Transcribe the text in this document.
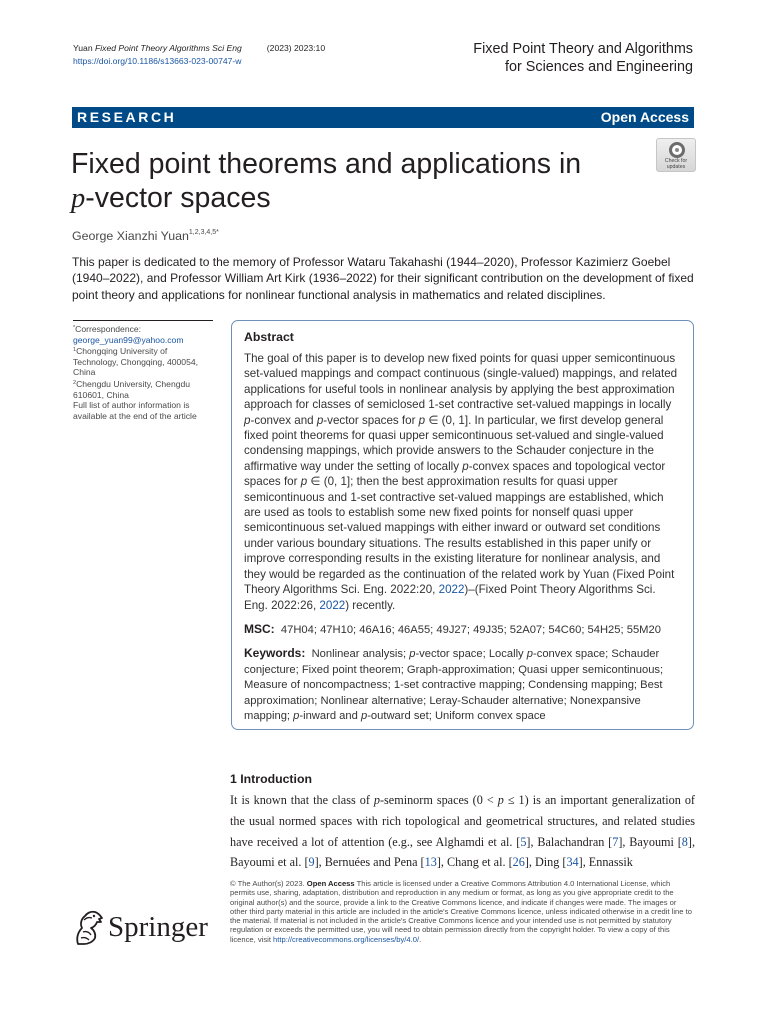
Yuan
Fixed Point Theory Algorithms Sci Eng	(2023)
2023:10
https://doi.org/10.1186/s13663-023-00747-w
Fixed Point Theory and Algorithms
for Sciences and Engineering
RESEARCH	Open Access
Fixed point theorems and applications in
p-vector spaces
Check for
updates
George Xianzhi Yuan$^{1,2,3,4,5*}$
This paper is dedicated to the memory of Professor Wataru Takahashi (1944–2020), Professor Kazimierz Goebel (1940–2022), and Professor William Art Kirk (1936–2022) for their significant contribution on the development of fixed point theory and applications for nonlinear functional analysis in mathematics and related disciplines.
*Correspondence:
george_yuan99@yahoo.com
$^1$Chongqing University of Technology, Chongqing, 400054, China
$^2$Chengdu University, Chengdu 610601, China
Full list of author information is available at the end of the article
Abstract
The goal of this paper is to develop new fixed points for quasi upper semicontinuous set-valued mappings and compact continuous (single-valued) mappings, and related applications for useful tools in nonlinear analysis by applying the best approximation approach for classes of semiclosed 1-set contractive set-valued mappings in locally p-convex and p-vector spaces for p ∈ (0, 1]. In particular, we first develop general fixed point theorems for quasi upper semicontinuous set-valued and single-valued condensing mappings, which provide answers to the Schauder conjecture in the affirmative way under the setting of locally p-convex spaces and topological vector spaces for p ∈ (0, 1]; then the best approximation results for quasi upper semicontinuous and 1-set contractive set-valued mappings are established, which are used as tools to establish some new fixed points for nonself quasi upper semicontinuous set-valued mappings with either inward or outward set conditions under various boundary situations. The results established in this paper unify or improve corresponding results in the existing literature for nonlinear analysis, and they would be regarded as the continuation of the related work by Yuan (Fixed Point Theory Algorithms Sci. Eng. 2022:20, 2022)–(Fixed Point Theory Algorithms Sci. Eng. 2022:26, 2022) recently.
MSC: 47H04; 47H10; 46A16; 46A55; 49J27; 49J35; 52A07; 54C60; 54H25; 55M20
Keywords: Nonlinear analysis; p-vector space; Locally p-convex space; Schauder conjecture; Fixed point theorem; Graph-approximation; Quasi upper semicontinuous; Measure of noncompactness; 1-set contractive mapping; Condensing mapping; Best approximation; Nonlinear alternative; Leray-Schauder alternative; Nonexpansive mapping; p-inward and p-outward set; Uniform convex space
1 Introduction
It is known that the class of p-seminorm spaces (0 < p ≤ 1) is an important generalization of the usual normed spaces with rich topological and geometrical structures, and related studies have received a lot of attention (e.g., see Alghamdi et al. [5], Balachandran [7], Bayoumi [8], Bayoumi et al. [9], Bernuées and Pena [13], Chang et al. [26], Ding [34], Ennassik
© The Author(s) 2023. Open Access This article is licensed under a Creative Commons Attribution 4.0 International License, which permits use, sharing, adaptation, distribution and reproduction in any medium or format, as long as you give appropriate credit to the original author(s) and the source, provide a link to the Creative Commons licence, and indicate if changes were made. The images or other third party material in this article are included in the article's Creative Commons licence, unless indicated otherwise in a credit line to the material. If material is not included in the article's Creative Commons licence and your intended use is not permitted by statutory regulation or exceeds the permitted use, you will need to obtain permission directly from the copyright holder. To view a copy of this licence, visit http://creativecommons.org/licenses/by/4.0/.
Springer
